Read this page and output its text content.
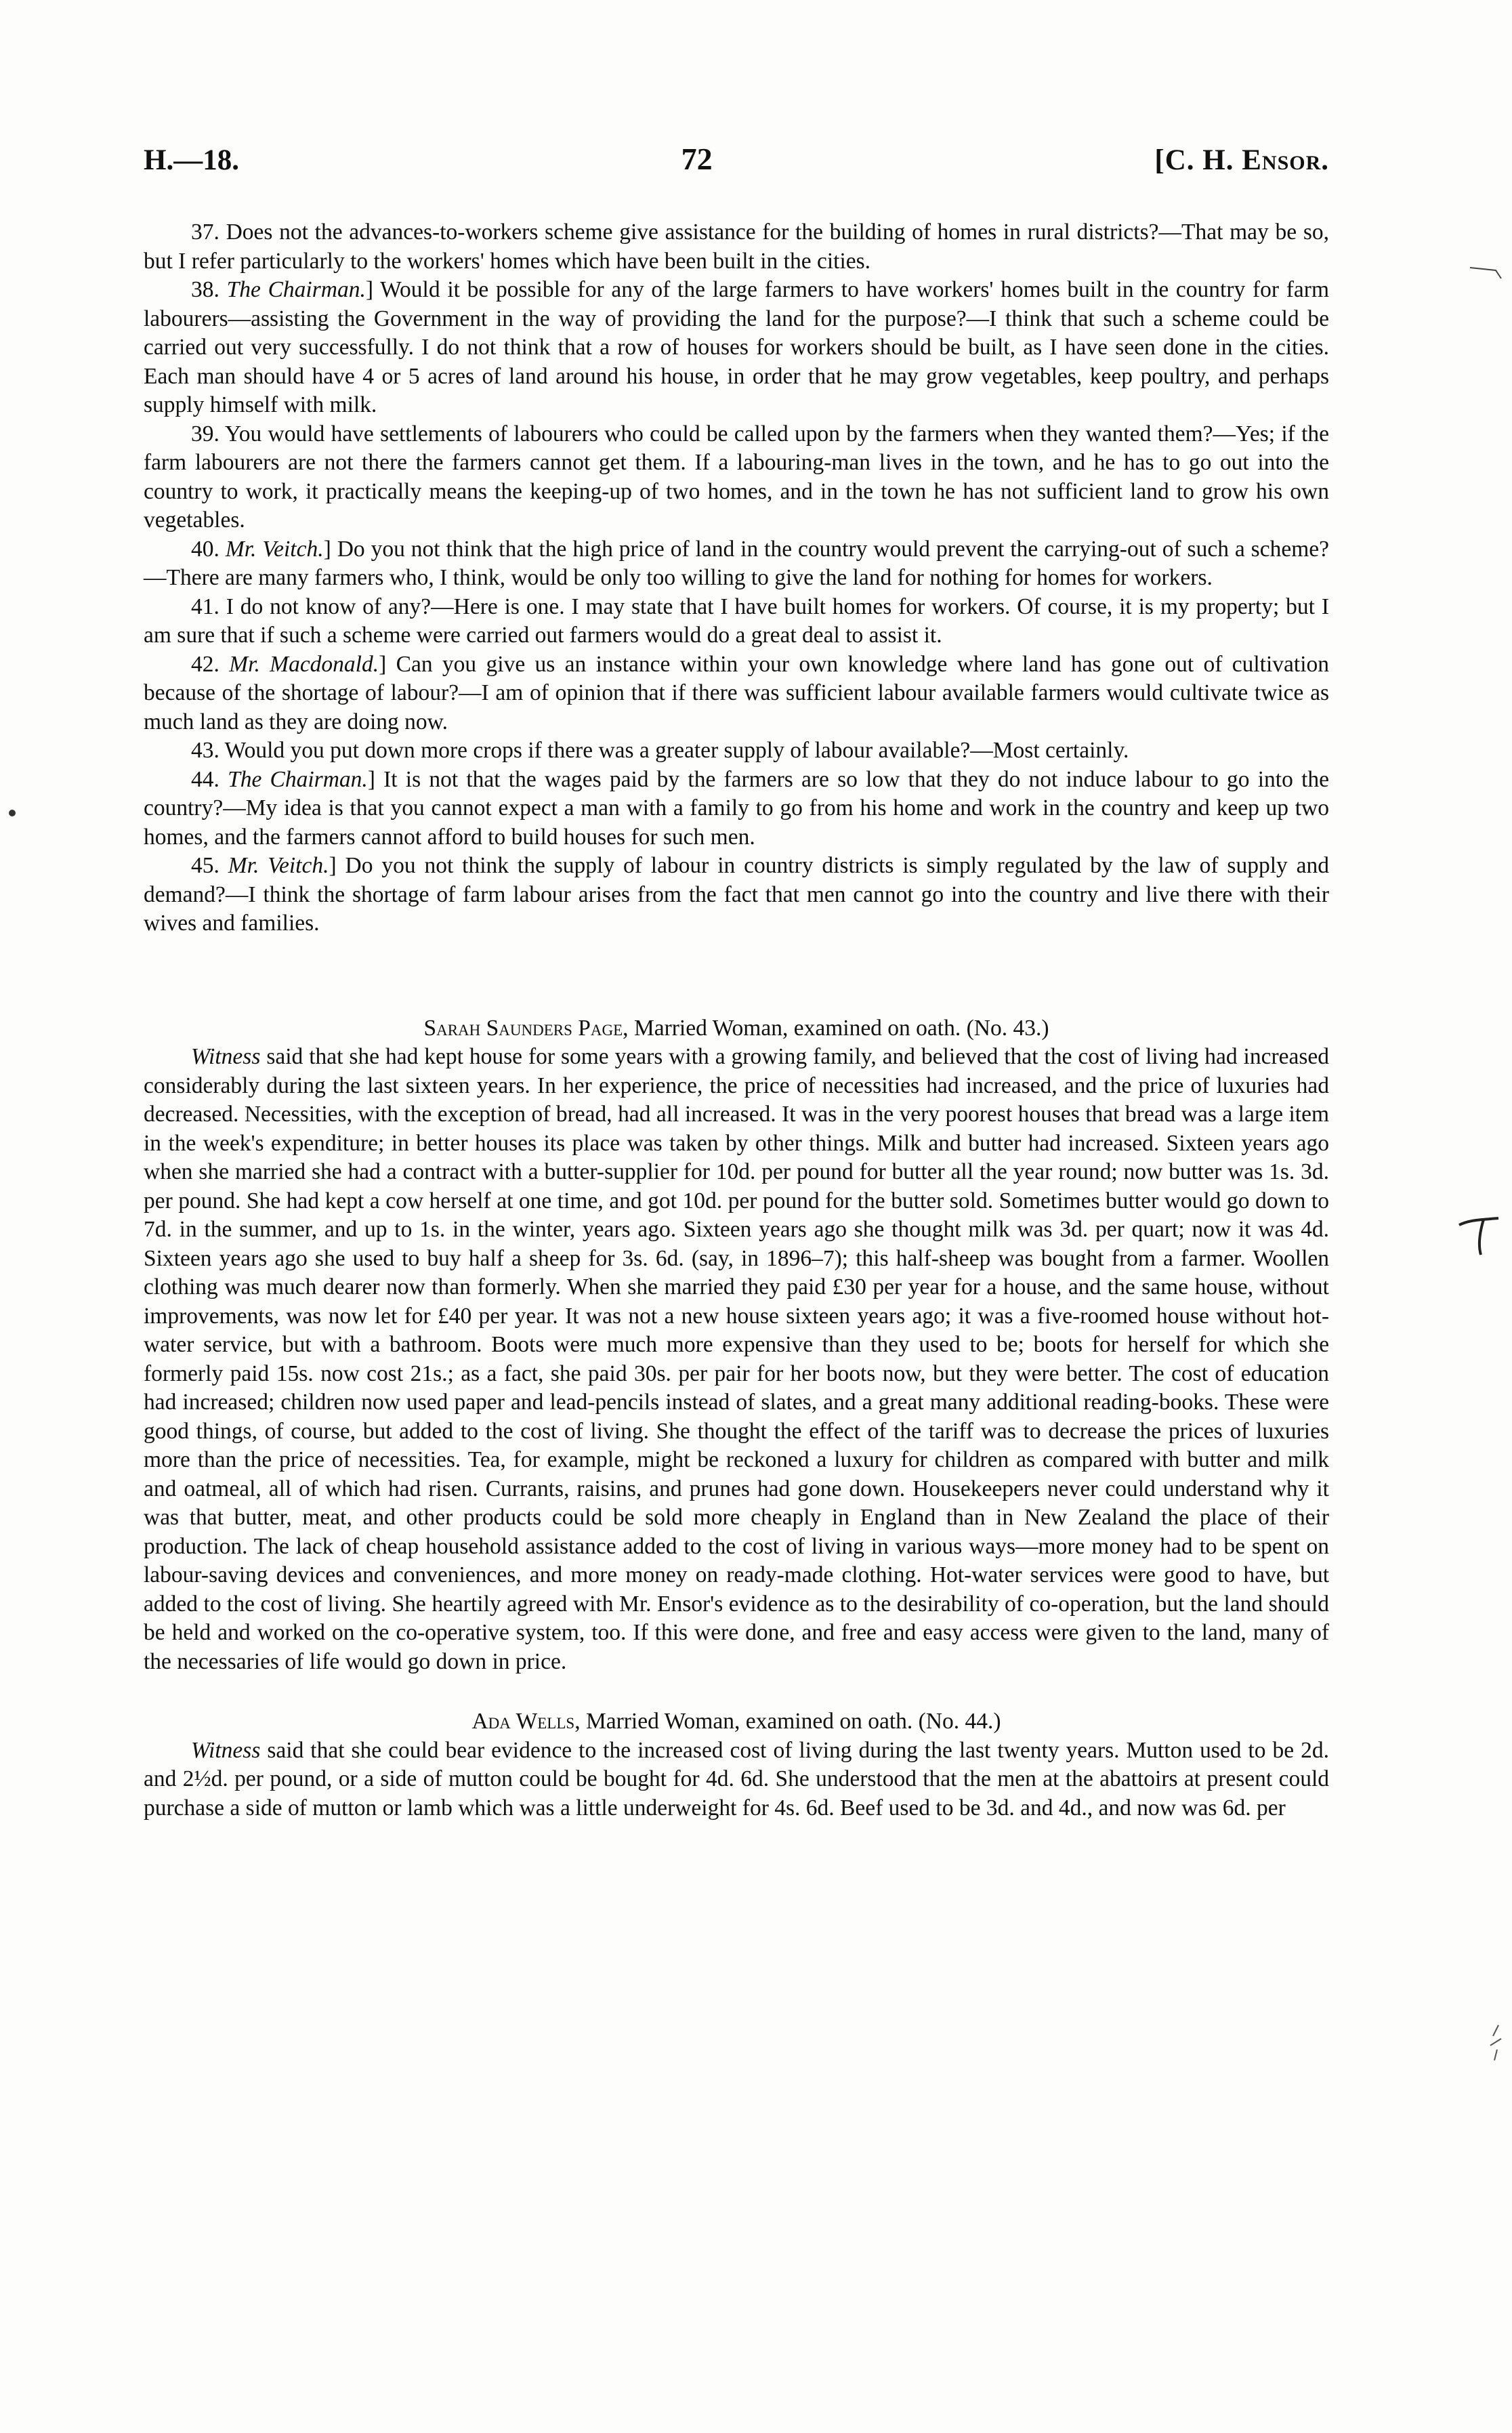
H.—18.	72	[C. H. Ensor.

37. Does not the advances-to-workers scheme give assistance for the building of homes in rural districts?—That may be so, but I refer particularly to the workers' homes which have been built in the cities.

38. The Chairman.] Would it be possible for any of the large farmers to have workers' homes built in the country for farm labourers—assisting the Government in the way of providing the land for the purpose?—I think that such a scheme could be carried out very successfully. I do not think that a row of houses for workers should be built, as I have seen done in the cities. Each man should have 4 or 5 acres of land around his house, in order that he may grow vegetables, keep poultry, and perhaps supply himself with milk.

39. You would have settlements of labourers who could be called upon by the farmers when they wanted them?—Yes; if the farm labourers are not there the farmers cannot get them. If a labouring-man lives in the town, and he has to go out into the country to work, it practically means the keeping-up of two homes, and in the town he has not sufficient land to grow his own vegetables.

40. Mr. Veitch.] Do you not think that the high price of land in the country would prevent the carrying-out of such a scheme?—There are many farmers who, I think, would be only too willing to give the land for nothing for homes for workers.

41. I do not know of any?—Here is one. I may state that I have built homes for workers. Of course, it is my property; but I am sure that if such a scheme were carried out farmers would do a great deal to assist it.

42. Mr. Macdonald.] Can you give us an instance within your own knowledge where land has gone out of cultivation because of the shortage of labour?—I am of opinion that if there was sufficient labour available farmers would cultivate twice as much land as they are doing now.

43. Would you put down more crops if there was a greater supply of labour available?—Most certainly.

44. The Chairman.] It is not that the wages paid by the farmers are so low that they do not induce labour to go into the country?—My idea is that you cannot expect a man with a family to go from his home and work in the country and keep up two homes, and the farmers cannot afford to build houses for such men.

45. Mr. Veitch.] Do you not think the supply of labour in country districts is simply regulated by the law of supply and demand?—I think the shortage of farm labour arises from the fact that men cannot go into the country and live there with their wives and families.

Sarah Saunders Page, Married Woman, examined on oath. (No. 43.)

Witness said that she had kept house for some years with a growing family, and believed that the cost of living had increased considerably during the last sixteen years. In her experience, the price of necessities had increased, and the price of luxuries had decreased. Necessities, with the exception of bread, had all increased. It was in the very poorest houses that bread was a large item in the week's expenditure; in better houses its place was taken by other things. Milk and butter had increased. Sixteen years ago when she married she had a contract with a butter-supplier for 10d. per pound for butter all the year round; now butter was 1s. 3d. per pound. She had kept a cow herself at one time, and got 10d. per pound for the butter sold. Sometimes butter would go down to 7d. in the summer, and up to 1s. in the winter, years ago. Sixteen years ago she thought milk was 3d. per quart; now it was 4d. Sixteen years ago she used to buy half a sheep for 3s. 6d. (say, in 1896–7); this half-sheep was bought from a farmer. Woollen clothing was much dearer now than formerly. When she married they paid £30 per year for a house, and the same house, without improvements, was now let for £40 per year. It was not a new house sixteen years ago; it was a five-roomed house without hot-water service, but with a bathroom. Boots were much more expensive than they used to be; boots for herself for which she formerly paid 15s. now cost 21s.; as a fact, she paid 30s. per pair for her boots now, but they were better. The cost of education had increased; children now used paper and lead-pencils instead of slates, and a great many additional reading-books. These were good things, of course, but added to the cost of living. She thought the effect of the tariff was to decrease the prices of luxuries more than the price of necessities. Tea, for example, might be reckoned a luxury for children as compared with butter and milk and oatmeal, all of which had risen. Currants, raisins, and prunes had gone down. Housekeepers never could understand why it was that butter, meat, and other products could be sold more cheaply in England than in New Zealand the place of their production. The lack of cheap household assistance added to the cost of living in various ways—more money had to be spent on labour-saving devices and conveniences, and more money on ready-made clothing. Hot-water services were good to have, but added to the cost of living. She heartily agreed with Mr. Ensor's evidence as to the desirability of co-operation, but the land should be held and worked on the co-operative system, too. If this were done, and free and easy access were given to the land, many of the necessaries of life would go down in price.

Ada Wells, Married Woman, examined on oath. (No. 44.)

Witness said that she could bear evidence to the increased cost of living during the last twenty years. Mutton used to be 2d. and 2½d. per pound, or a side of mutton could be bought for 4d. 6d. She understood that the men at the abattoirs at present could purchase a side of mutton or lamb which was a little underweight for 4s. 6d. Beef used to be 3d. and 4d., and now was 6d. per
